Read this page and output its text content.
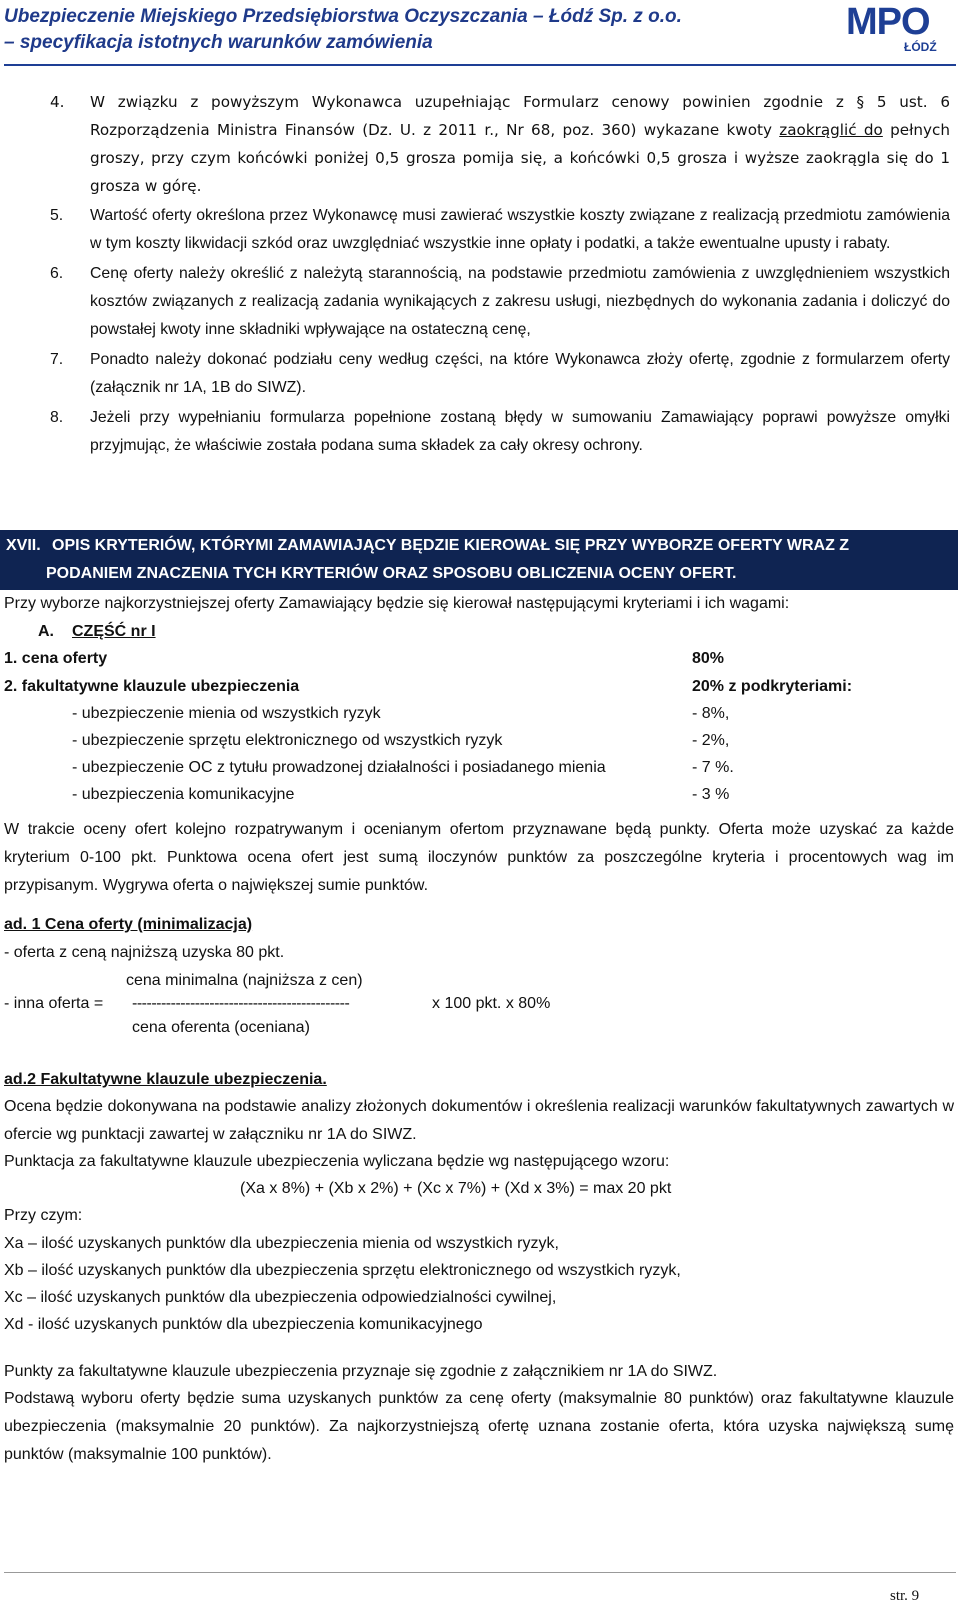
Ubezpieczenie Miejskiego Przedsiębiorstwa Oczyszczania – Łódź Sp. z o.o.
– specyfikacja istotnych warunków zamówienia	MPO
ŁÓDŹ
4.	W związku z powyższym Wykonawca uzupełniając Formularz cenowy powinien zgodnie z § 5 ust. 6 Rozporządzenia Ministra Finansów (Dz. U. z 2011 r., Nr 68, poz. 360) wykazane kwoty zaokrąglić do pełnych groszy, przy czym końcówki poniżej 0,5 grosza pomija się, a końcówki 0,5 grosza i wyższe zaokrągla się do 1 grosza w górę.
5.	Wartość oferty określona przez Wykonawcę musi zawierać wszystkie koszty związane z realizacją przedmiotu zamówienia w tym koszty likwidacji szkód oraz uwzględniać wszystkie inne opłaty i podatki, a także ewentualne upusty i rabaty.
6.	Cenę oferty należy określić z należytą starannością, na podstawie przedmiotu zamówienia z uwzględnieniem wszystkich kosztów związanych z realizacją zadania wynikających z zakresu usługi, niezbędnych do wykonania zadania i doliczyć do powstałej kwoty inne składniki wpływające na ostateczną cenę,
7.	Ponadto należy dokonać podziału ceny według części, na które Wykonawca złoży ofertę, zgodnie z formularzem oferty (załącznik nr 1A, 1B do SIWZ).
8.	Jeżeli przy wypełnianiu formularza popełnione zostaną błędy w sumowaniu Zamawiający poprawi powyższe omyłki przyjmując, że właściwie została podana suma składek za cały okresy ochrony.
XVII. OPIS KRYTERIÓW, KTÓRYMI ZAMAWIAJĄCY BĘDZIE KIEROWAŁ SIĘ PRZY WYBORZE OFERTY WRAZ Z
PODANIEM ZNACZENIA TYCH KRYTERIÓW ORAZ SPOSOBU OBLICZENIA OCENY OFERT.
Przy wyborze najkorzystniejszej oferty Zamawiający będzie się kierował następującymi kryteriami i ich wagami:
A. CZĘŚĆ nr I
1. cena oferty	80%
2. fakultatywne klauzule ubezpieczenia	20% z podkryteriami:
- ubezpieczenie mienia od wszystkich ryzyk	- 8%,
- ubezpieczenie sprzętu elektronicznego od wszystkich ryzyk	- 2%,
- ubezpieczenie OC z tytułu prowadzonej działalności i posiadanego mienia	- 7 %.
- ubezpieczenia komunikacyjne	- 3 %
W trakcie oceny ofert kolejno rozpatrywanym i ocenianym ofertom przyznawane będą punkty. Oferta może uzyskać za każde kryterium 0-100 pkt. Punktowa ocena ofert jest sumą iloczynów punktów za poszczególne kryteria i procentowych wag im przypisanym. Wygrywa oferta o największej sumie punktów.
ad. 1 Cena oferty (minimalizacja)
- oferta z ceną najniższą uzyska 80 pkt.
cena minimalna (najniższa z cen)
- inna oferta = ---------------------------------------------	x 100 pkt. x 80%
cena oferenta (oceniana)
ad.2 Fakultatywne klauzule ubezpieczenia.
Ocena będzie dokonywana na podstawie analizy złożonych dokumentów i określenia realizacji warunków fakultatywnych zawartych w ofercie wg punktacji zawartej w załączniku nr 1A do SIWZ.
Punktacja za fakultatywne klauzule ubezpieczenia wyliczana będzie wg następującego wzoru:
(Xa x 8%) + (Xb x 2%) + (Xc x 7%) + (Xd x 3%) = max 20 pkt
Przy czym:
Xa – ilość uzyskanych punktów dla ubezpieczenia mienia od wszystkich ryzyk,
Xb – ilość uzyskanych punktów dla ubezpieczenia sprzętu elektronicznego od wszystkich ryzyk,
Xc – ilość uzyskanych punktów dla ubezpieczenia odpowiedzialności cywilnej,
Xd - ilość uzyskanych punktów dla ubezpieczenia komunikacyjnego
Punkty za fakultatywne klauzule ubezpieczenia przyznaje się zgodnie z załącznikiem nr 1A do SIWZ.
Podstawą wyboru oferty będzie suma uzyskanych punktów za cenę oferty (maksymalnie 80 punktów) oraz fakultatywne klauzule ubezpieczenia (maksymalnie 20 punktów). Za najkorzystniejszą ofertę uznana zostanie oferta, która uzyska największą sumę punktów (maksymalnie 100 punktów).
str. 9
